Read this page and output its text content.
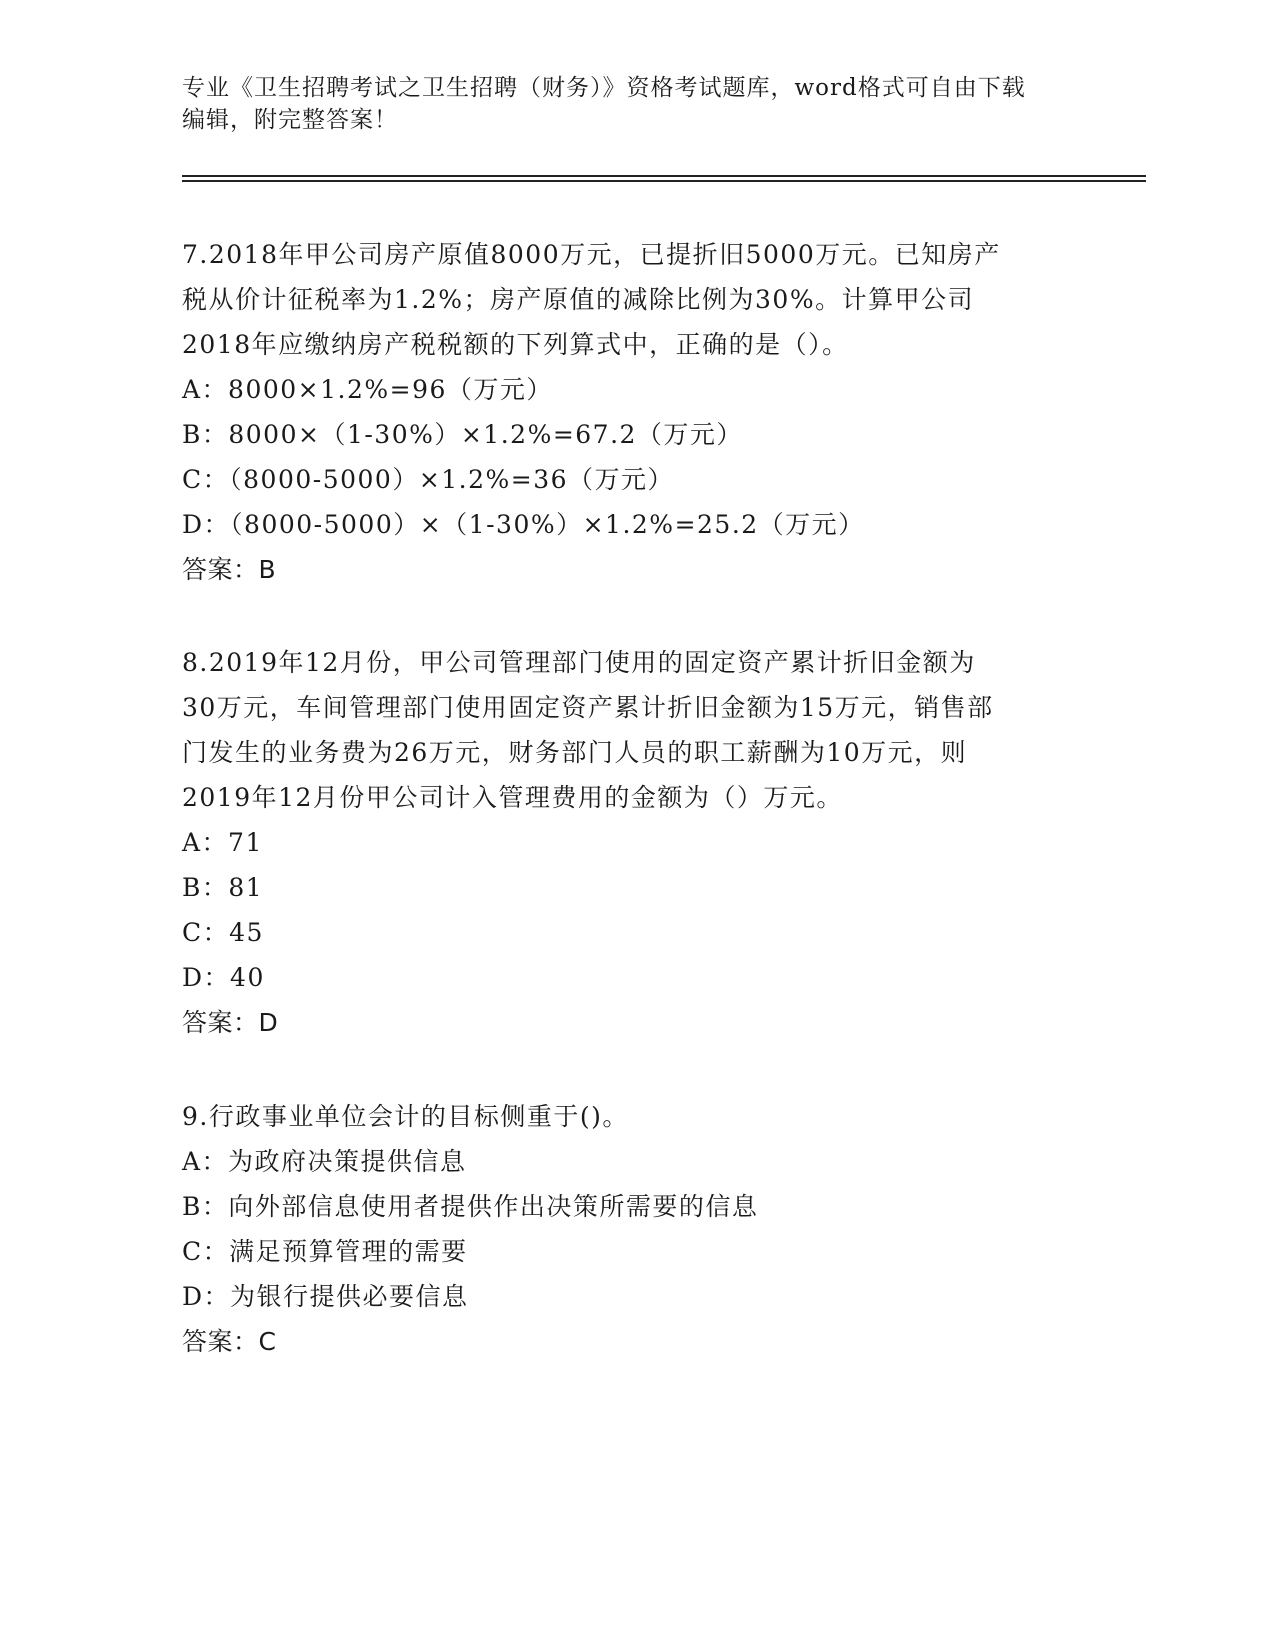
专业《卫生招聘考试之卫生招聘（财务）》资格考试题库，word格式可自由下载
编辑，附完整答案！
7.2018年甲公司房产原值8000万元，已提折旧5000万元。已知房产
税从价计征税率为1.2%；房产原值的减除比例为30%。计算甲公司
2018年应缴纳房产税税额的下列算式中，正确的是（）。
A：8000×1.2%=96（万元）
B：8000×（1-30%）×1.2%=67.2（万元）
C：（8000-5000）×1.2%=36（万元）
D：（8000-5000）×（1-30%）×1.2%=25.2（万元）
答案：B
8.2019年12月份，甲公司管理部门使用的固定资产累计折旧金额为
30万元，车间管理部门使用固定资产累计折旧金额为15万元，销售部
门发生的业务费为26万元，财务部门人员的职工薪酬为10万元，则
2019年12月份甲公司计入管理费用的金额为（）万元。
A：71
B：81
C：45
D：40
答案：D
9.行政事业单位会计的目标侧重于()。
A：为政府决策提供信息
B：向外部信息使用者提供作出决策所需要的信息
C：满足预算管理的需要
D：为银行提供必要信息
答案：C
